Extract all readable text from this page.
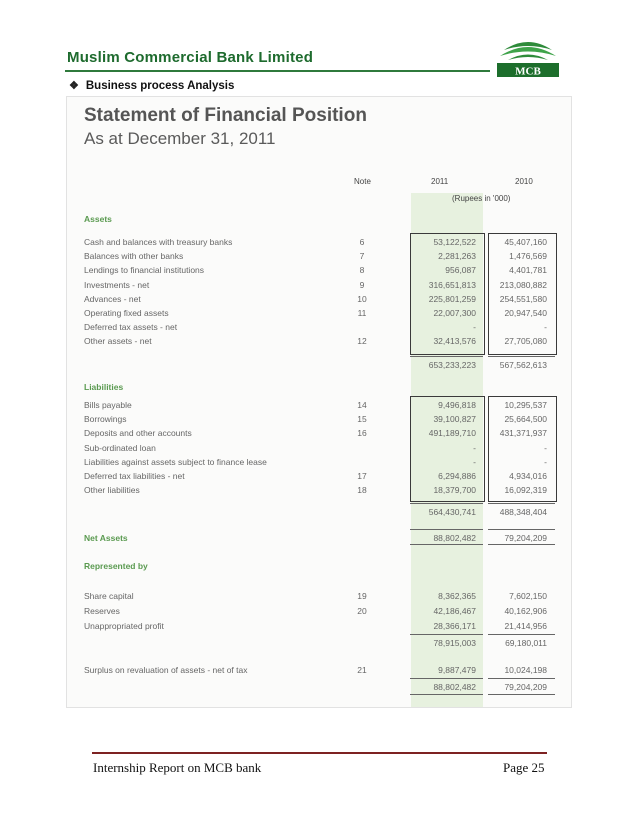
Muslim Commercial Bank Limited
MCB
❖ Business process Analysis
Statement of Financial Position
As at December 31, 2011
Note	2011	2010
(Rupees in '000)
Assets
Cash and balances with treasury banks	6	53,122,522	45,407,160
Balances with other banks	7	2,281,263	1,476,569
Lendings to financial institutions	8	956,087	4,401,781
Investments - net	9	316,651,813	213,080,882
Advances - net	10	225,801,259	254,551,580
Operating fixed assets	11	22,007,300	20,947,540
Deferred tax assets - net	-	-
Other assets - net	12	32,413,576	27,705,080
653,233,223	567,562,613
Liabilities
Bills payable	14	9,496,818	10,295,537
Borrowings	15	39,100,827	25,664,500
Deposits and other accounts	16	491,189,710	431,371,937
Sub-ordinated loan	-	-
Liabilities against assets subject to finance lease	-	-
Deferred tax liabilities - net	17	6,294,886	4,934,016
Other liabilities	18	18,379,700	16,092,319
564,430,741	488,348,404
Net Assets	88,802,482	79,204,209
Represented by
Share capital	19	8,362,365	7,602,150
Reserves	20	42,186,467	40,162,906
Unappropriated profit	28,366,171	21,414,956
78,915,003	69,180,011
Surplus on revaluation of assets - net of tax	21	9,887,479	10,024,198
88,802,482	79,204,209
Internship Report on MCB bank	Page 25
